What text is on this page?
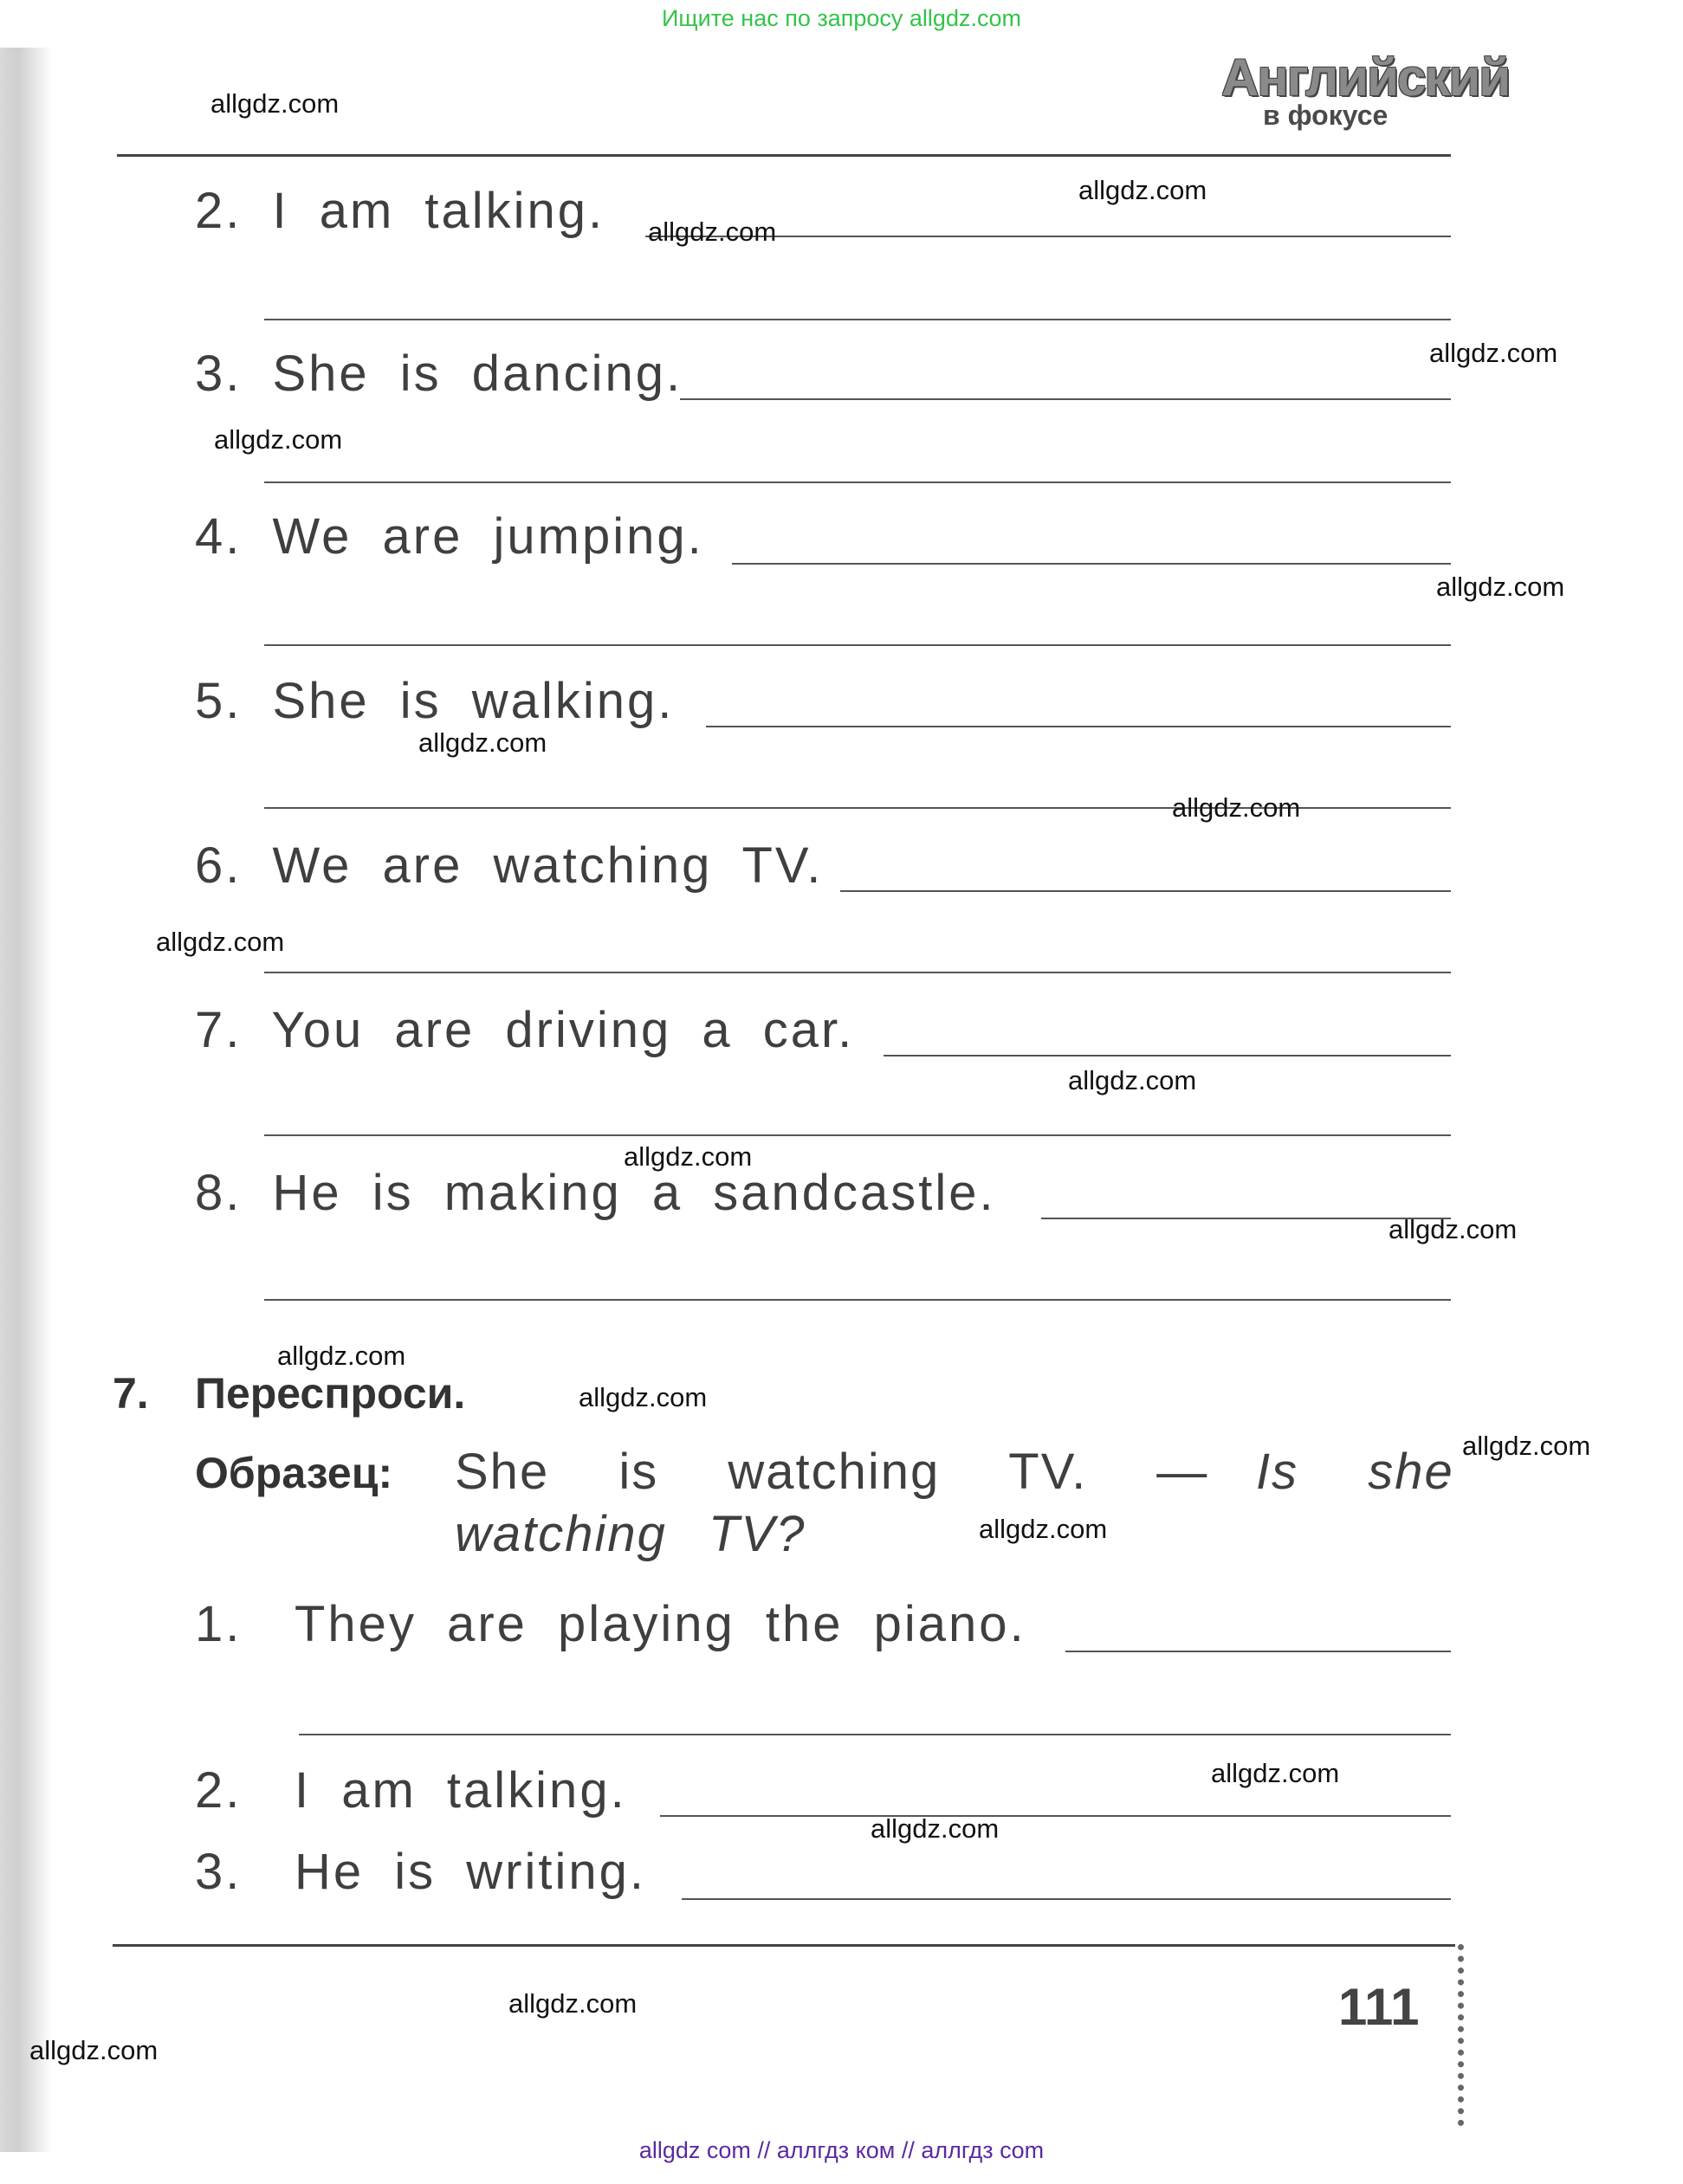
Ищите нас по запросу allgdz.com
Английский
в фокусе
2. I am talking.
3. She is dancing.
4. We are jumping.
5. She is walking.
6. We are watching TV.
7. You are driving a car.
8. He is making a sandcastle.
7. Переспроси.
Образец: She is watching TV. — Is she
watching TV?
1. They are playing the piano.
2. I am talking.
3. He is writing.
111
allgdz.com
allgdz.com
allgdz.com
allgdz.com
allgdz.com
allgdz.com
allgdz.com
allgdz.com
allgdz.com
allgdz.com
allgdz.com
allgdz.com
allgdz.com
allgdz.com
allgdz.com
allgdz.com
allgdz.com
allgdz.com
allgdz.com
allgdz.com
allgdz com // аллгдз ком // аллгдз com
